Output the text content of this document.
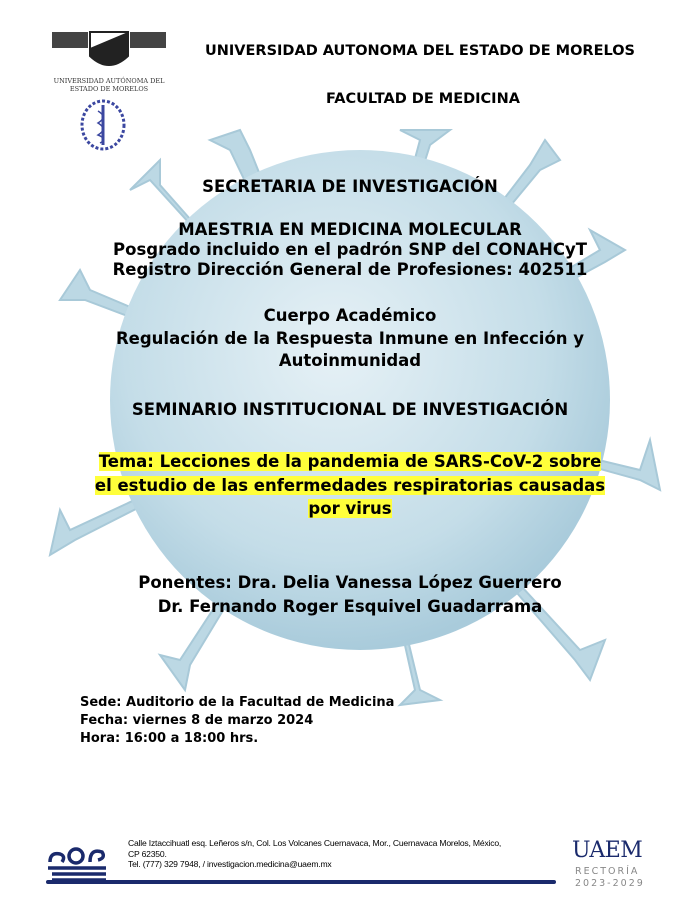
UNIVERSIDAD AUTÓNOMA DEL
ESTADO DE MORELOS
UNIVERSIDAD AUTONOMA DEL ESTADO DE MORELOS
FACULTAD DE MEDICINA
SECRETARIA DE INVESTIGACIÓN
MAESTRIA EN MEDICINA MOLECULAR
Posgrado incluido en el padrón SNP del CONAHCyT
Registro Dirección General de Profesiones: 402511
Cuerpo Académico
Regulación de la Respuesta Inmune en Infección y
Autoinmunidad
SEMINARIO INSTITUCIONAL DE INVESTIGACIÓN
Tema: Lecciones de la pandemia de SARS-CoV-2 sobre
el estudio de las enfermedades respiratorias causadas
por virus
Ponentes: Dra. Delia Vanessa López Guerrero
Dr. Fernando Roger Esquivel Guadarrama
Sede: Auditorio de la Facultad de Medicina
Fecha: viernes 8 de marzo 2024
Hora: 16:00 a 18:00 hrs.
Calle Iztaccihuatl esq. Leñeros s/n, Col. Los Volcanes Cuernavaca, Mor., Cuernavaca Morelos, México,
CP 62350.
Tel. (777) 329 7948, / investigacion.medicina@uaem.mx
UAEM
RECTORÍA
2023-2029
